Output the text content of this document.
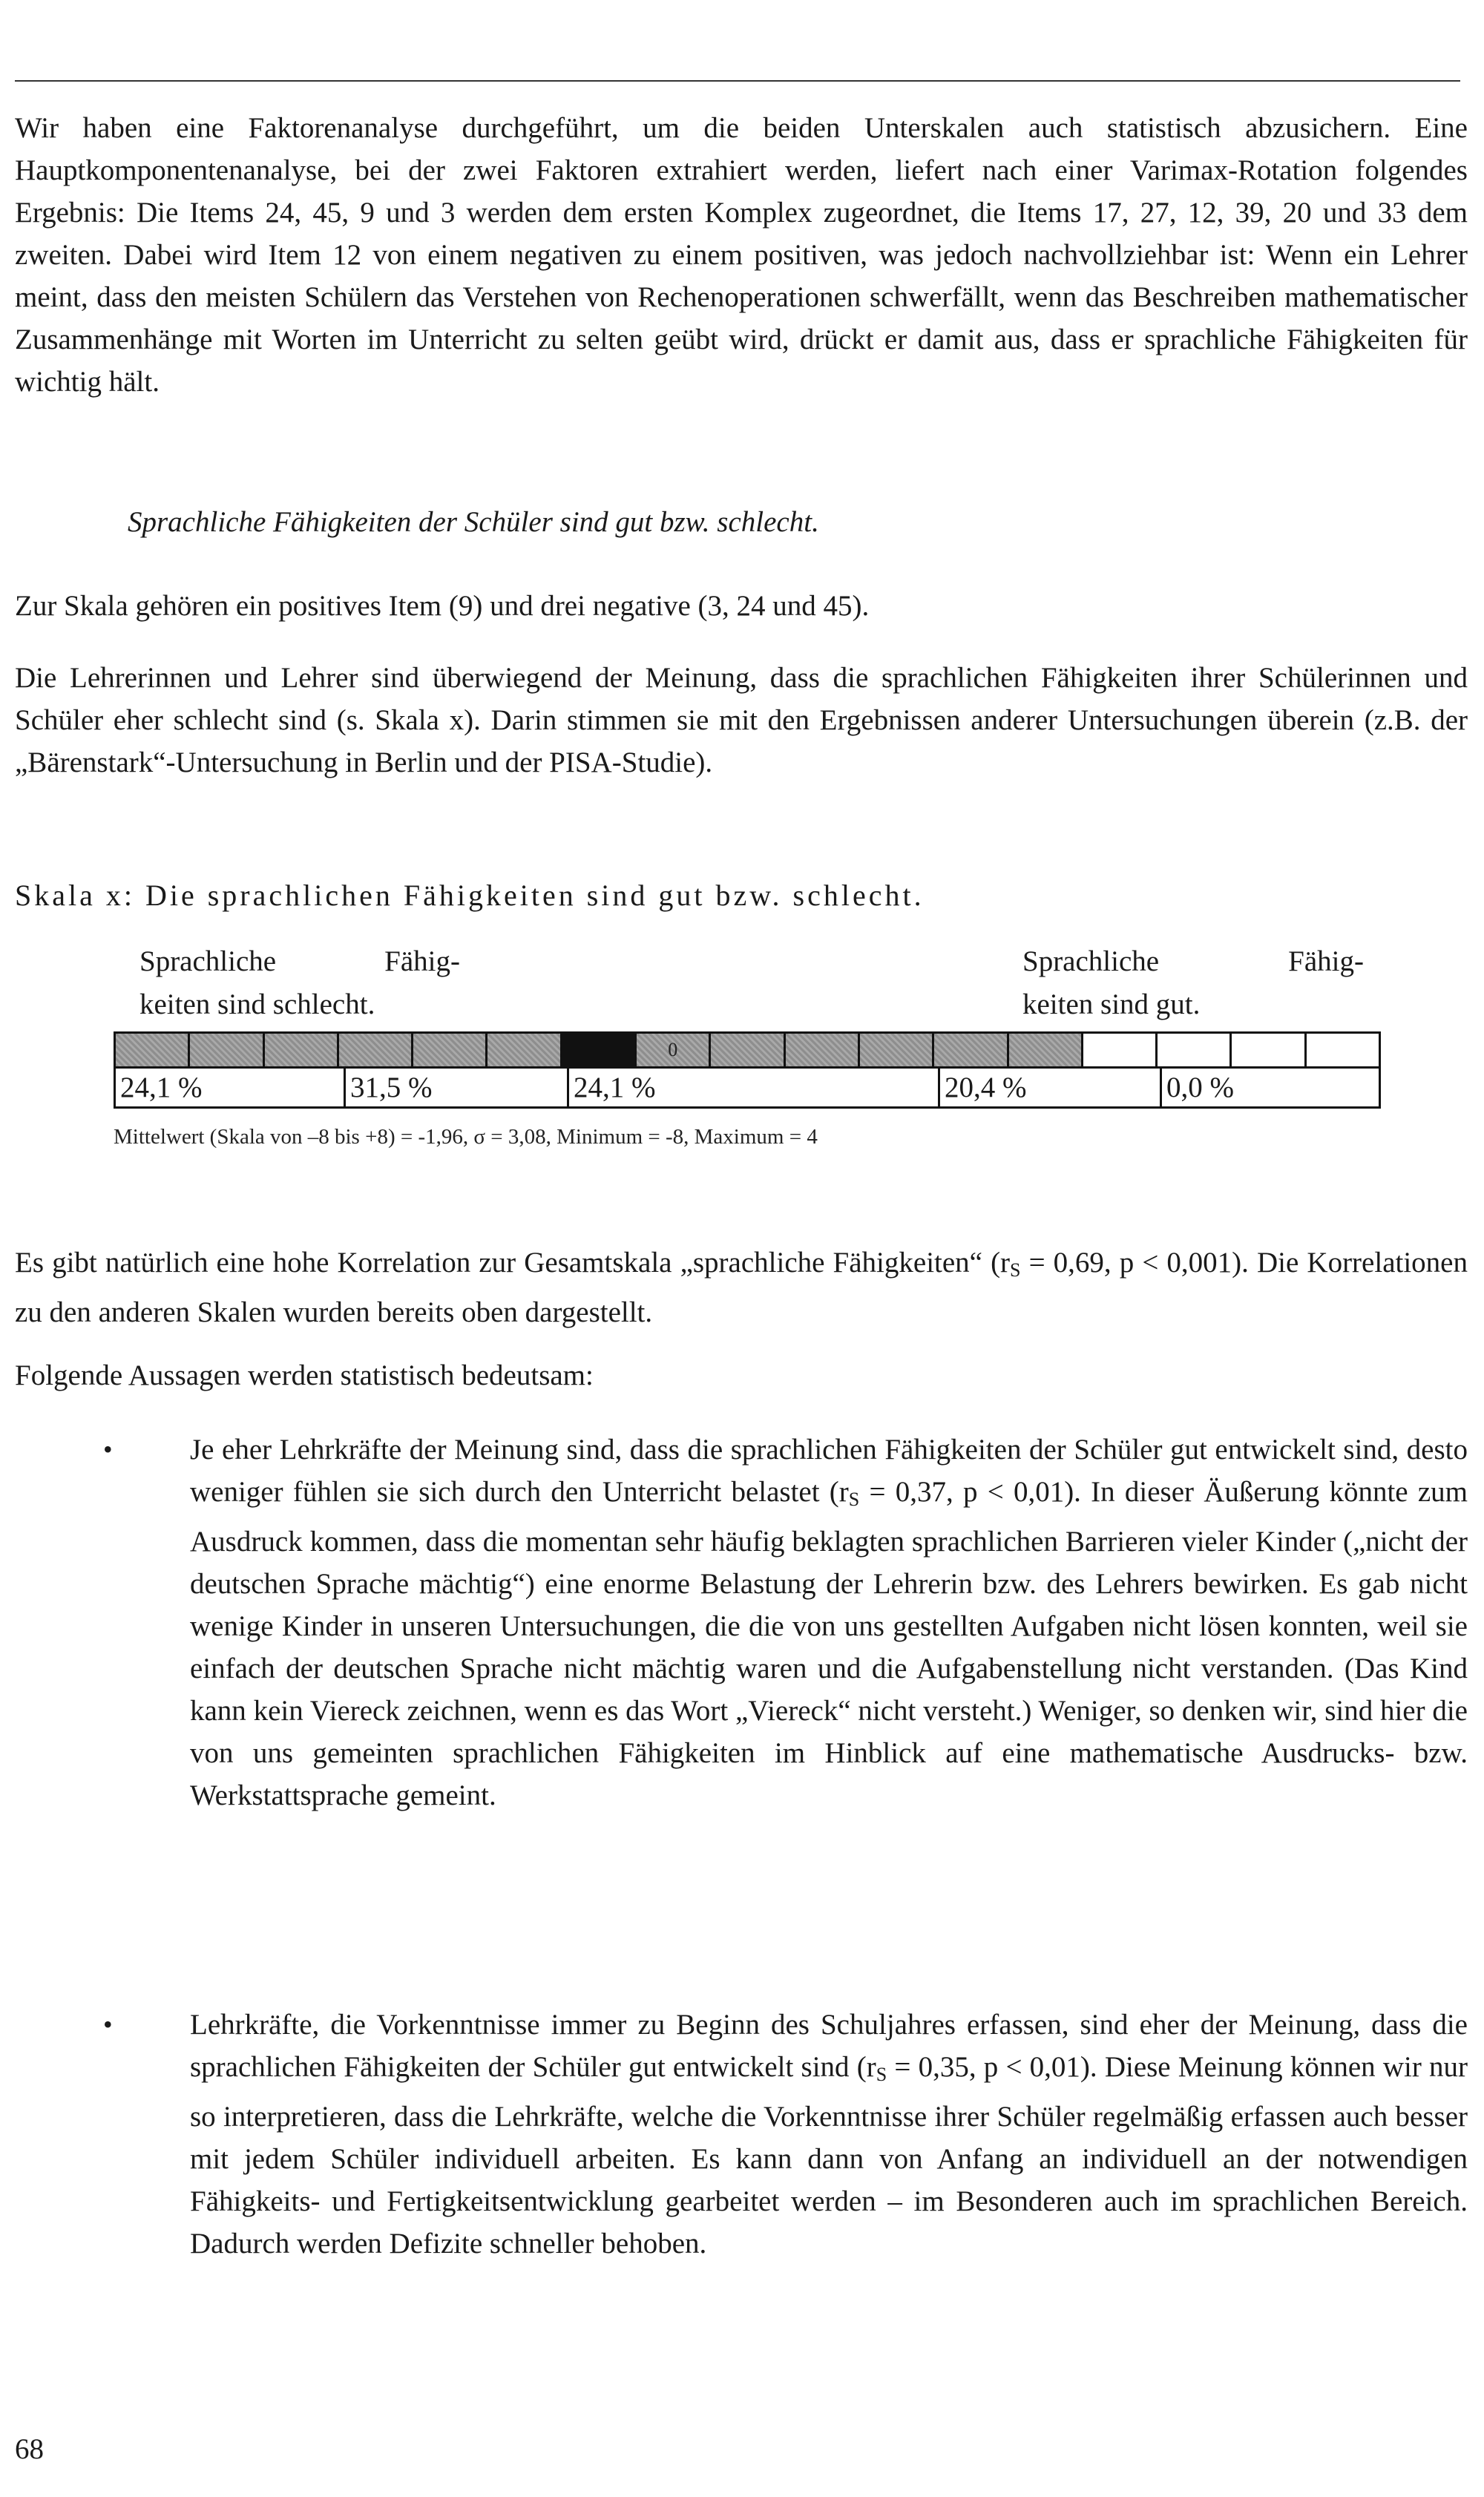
Wir haben eine Faktorenanalyse durchgeführt, um die beiden Unterskalen auch statistisch abzusichern. Eine Hauptkomponentenanalyse, bei der zwei Faktoren extrahiert werden, liefert nach einer Varimax-Rotation folgendes Ergebnis: Die Items 24, 45, 9 und 3 werden dem ersten Komplex zugeordnet, die Items 17, 27, 12, 39, 20 und 33 dem zweiten. Dabei wird Item 12 von einem negativen zu einem positiven, was jedoch nachvollziehbar ist: Wenn ein Lehrer meint, dass den meisten Schülern das Verstehen von Rechenoperationen schwerfällt, wenn das Beschreiben mathematischer Zusammenhänge mit Worten im Unterricht zu selten geübt wird, drückt er damit aus, dass er sprachliche Fähigkeiten für wichtig hält.
Sprachliche Fähigkeiten der Schüler sind gut bzw. schlecht.
Zur Skala gehören ein positives Item (9) und drei negative (3, 24 und 45).
Die Lehrerinnen und Lehrer sind überwiegend der Meinung, dass die sprachlichen Fähigkeiten ihrer Schülerinnen und Schüler eher schlecht sind (s. Skala x). Darin stimmen sie mit den Ergebnissen anderer Untersuchungen überein (z.B. der „Bärenstark“-Untersuchung in Berlin und der PISA-Studie).
Skala x: Die sprachlichen Fähigkeiten sind gut bzw. schlecht.
Sprachliche Fähig-
keiten sind schlecht.
Sprachliche Fähig-
keiten sind gut.
0
24,1 %	31,5 %	24,1 %	20,4 %	0,0 %
Mittelwert (Skala von –8 bis +8) = -1,96, σ = 3,08, Minimum = -8, Maximum = 4
Es gibt natürlich eine hohe Korrelation zur Gesamtskala „sprachliche Fähigkeiten“ ($r_S = 0,69$, p < 0,001). Die Korrelationen zu den anderen Skalen wurden bereits oben dargestellt.
Folgende Aussagen werden statistisch bedeutsam:
•	Je eher Lehrkräfte der Meinung sind, dass die sprachlichen Fähigkeiten der Schüler gut entwickelt sind, desto weniger fühlen sie sich durch den Unterricht belastet ($r_S = 0,37$, p < 0,01). In dieser Äußerung könnte zum Ausdruck kommen, dass die momentan sehr häufig beklagten sprachlichen Barrieren vieler Kinder („nicht der deutschen Sprache mächtig“) eine enorme Belastung der Lehrerin bzw. des Lehrers bewirken. Es gab nicht wenige Kinder in unseren Untersuchungen, die die von uns gestellten Aufgaben nicht lösen konnten, weil sie einfach der deutschen Sprache nicht mächtig waren und die Aufgabenstellung nicht verstanden. (Das Kind kann kein Viereck zeichnen, wenn es das Wort „Viereck“ nicht versteht.) Weniger, so denken wir, sind hier die von uns gemeinten sprachlichen Fähigkeiten im Hinblick auf eine mathematische Ausdrucks- bzw. Werkstattsprache gemeint.
•	Lehrkräfte, die Vorkenntnisse immer zu Beginn des Schuljahres erfassen, sind eher der Meinung, dass die sprachlichen Fähigkeiten der Schüler gut entwickelt sind ($r_S = 0,35$, p < 0,01). Diese Meinung können wir nur so interpretieren, dass die Lehrkräfte, welche die Vorkenntnisse ihrer Schüler regelmäßig erfassen auch besser mit jedem Schüler individuell arbeiten. Es kann dann von Anfang an individuell an der notwendigen Fähigkeits- und Fertigkeitsentwicklung gearbeitet werden – im Besonderen auch im sprachlichen Bereich. Dadurch werden Defizite schneller behoben.
68
